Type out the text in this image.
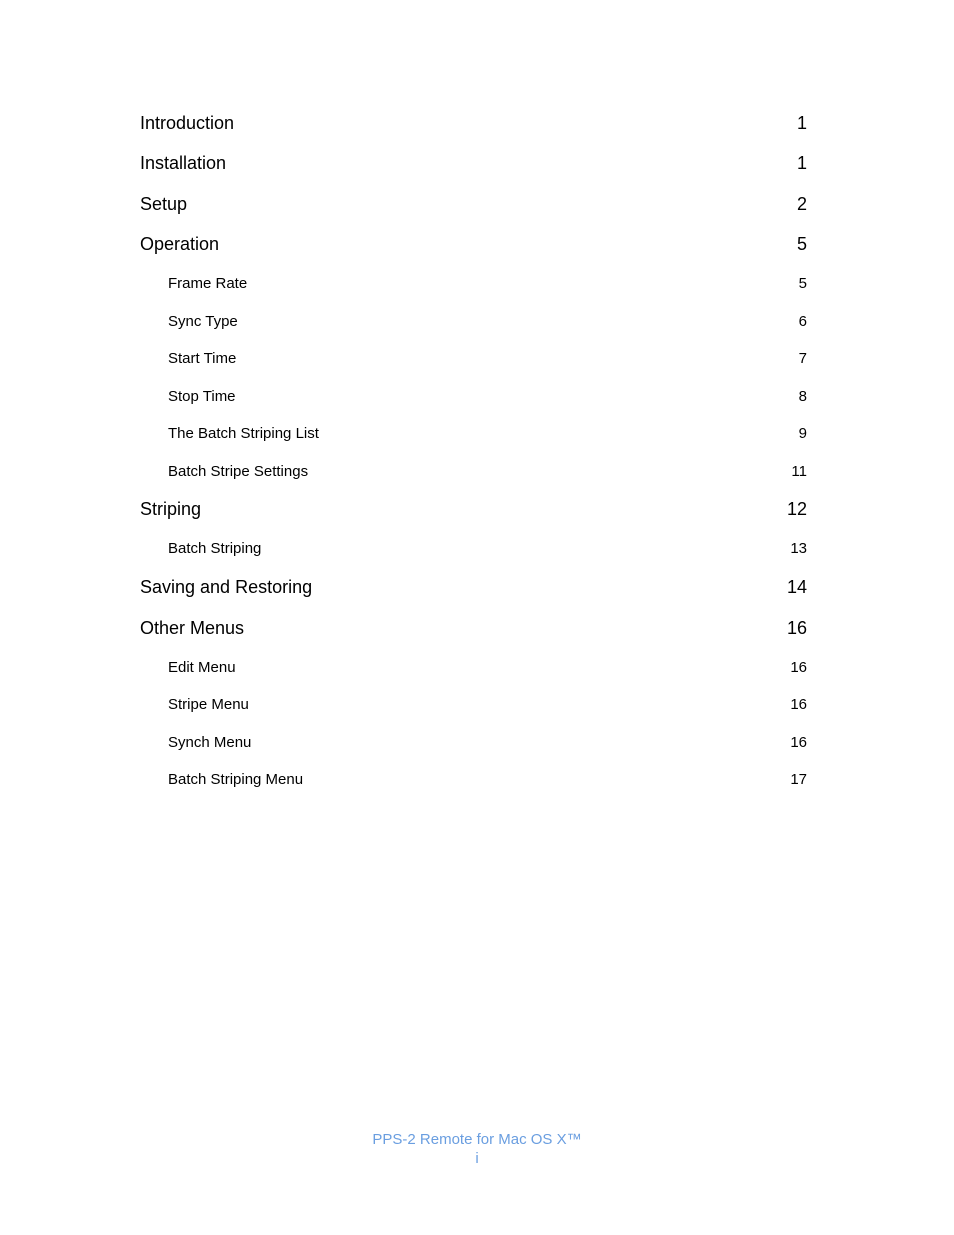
Introduction	1
Installation	1
Setup	2
Operation	5
Frame Rate	5
Sync Type	6
Start Time	7
Stop Time	8
The Batch Striping List	9
Batch Stripe Settings	11
Striping	12
Batch Striping	13
Saving and Restoring	14
Other Menus	16
Edit Menu	16
Stripe Menu	16
Synch Menu	16
Batch Striping Menu	17
PPS-2 Remote for Mac OS X™
i
